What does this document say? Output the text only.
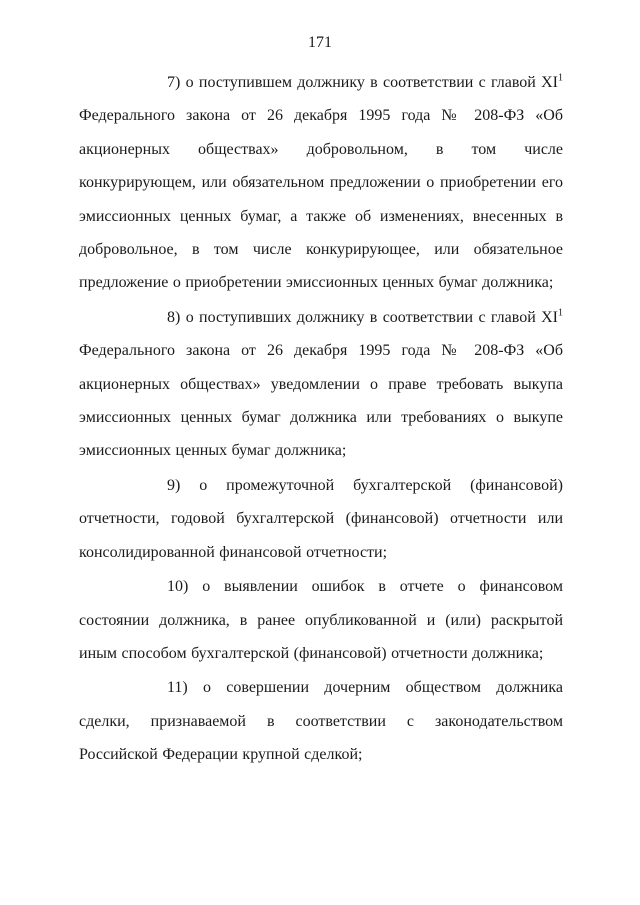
171

7) о поступившем должнику в соответствии с главой $XI^1$ Федерального закона от 26 декабря 1995 года № 208-ФЗ «Об акционерных обществах» добровольном, в том числе конкурирующем, или обязательном предложении о приобретении его эмиссионных ценных бумаг, а также об изменениях, внесенных в добровольное, в том числе конкурирующее, или обязательное предложение о приобретении эмиссионных ценных бумаг должника;

8) о поступивших должнику в соответствии с главой $XI^1$ Федерального закона от 26 декабря 1995 года № 208-ФЗ «Об акционерных обществах» уведомлении о праве требовать выкупа эмиссионных ценных бумаг должника или требованиях о выкупе эмиссионных ценных бумаг должника;

9) о промежуточной бухгалтерской (финансовой) отчетности, годовой бухгалтерской (финансовой) отчетности или консолидированной финансовой отчетности;

10) о выявлении ошибок в отчете о финансовом состоянии должника, в ранее опубликованной и (или) раскрытой иным способом бухгалтерской (финансовой) отчетности должника;

11) о совершении дочерним обществом должника сделки, признаваемой в соответствии с законодательством Российской Федерации крупной сделкой;
